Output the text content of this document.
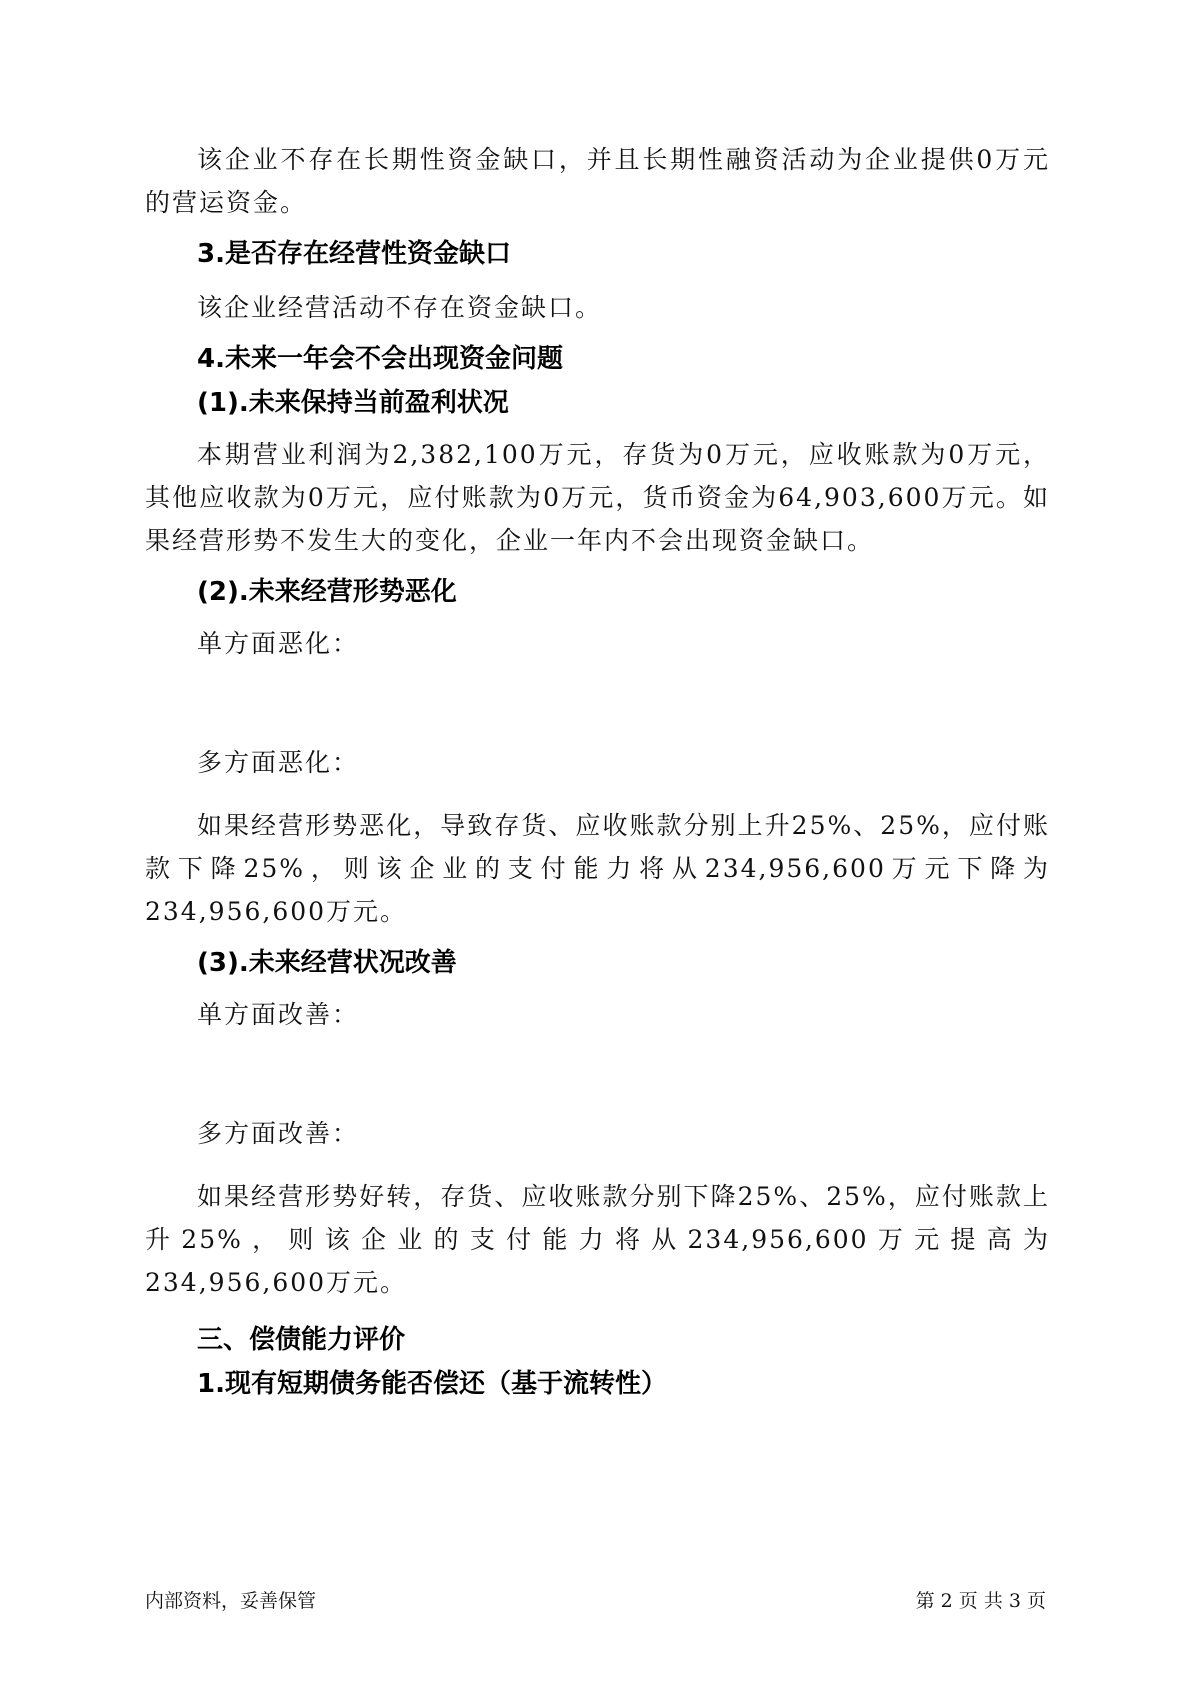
该企业不存在长期性资金缺口，并且长期性融资活动为企业提供0万元的营运资金。

3.是否存在经营性资金缺口

该企业经营活动不存在资金缺口。

4.未来一年会不会出现资金问题

(1).未来保持当前盈利状况

本期营业利润为2,382,100万元，存货为0万元，应收账款为0万元，其他应收款为0万元，应付账款为0万元，货币资金为64,903,600万元。如果经营形势不发生大的变化，企业一年内不会出现资金缺口。

(2).未来经营形势恶化

单方面恶化：

多方面恶化：

如果经营形势恶化，导致存货、应收账款分别上升25%、25%，应付账款下降25%，则该企业的支付能力将从234,956,600万元下降为234,956,600万元。

(3).未来经营状况改善

单方面改善：

多方面改善：

如果经营形势好转，存货、应收账款分别下降25%、25%，应付账款上升25%，则该企业的支付能力将从234,956,600万元提高为234,956,600万元。

三、偿债能力评价

1.现有短期债务能否偿还（基于流转性）

内部资料，妥善保管	第 2 页 共 3 页
